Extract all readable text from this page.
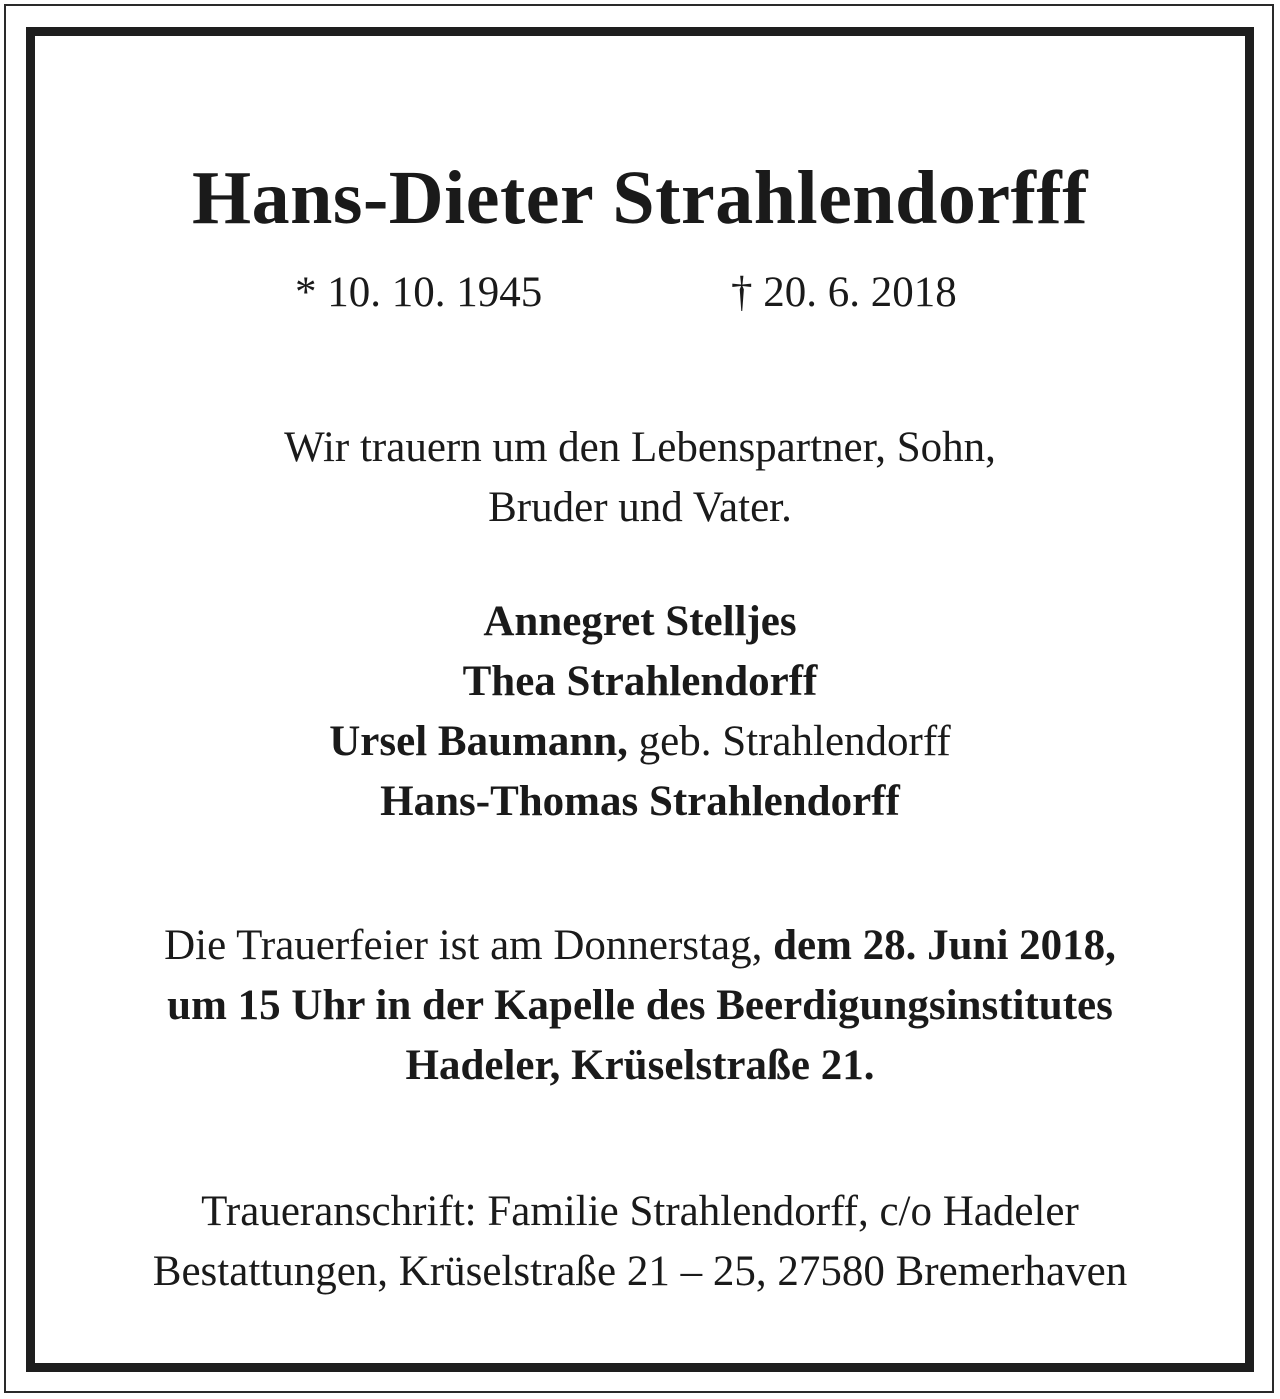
Hans-Dieter Strahlendorfff
* 10. 10. 1945	† 20. 6. 2018
Wir trauern um den Lebenspartner, Sohn,
Bruder und Vater.
Annegret Stelljes
Thea Strahlendorff
Ursel Baumann, geb. Strahlendorff
Hans-Thomas Strahlendorff
Die Trauerfeier ist am Donnerstag, dem 28. Juni 2018,
um 15 Uhr in der Kapelle des Beerdigungsinstitutes
Hadeler, Krüselstraße 21.
Traueranschrift: Familie Strahlendorff, c/o Hadeler
Bestattungen, Krüselstraße 21 – 25, 27580 Bremerhaven
